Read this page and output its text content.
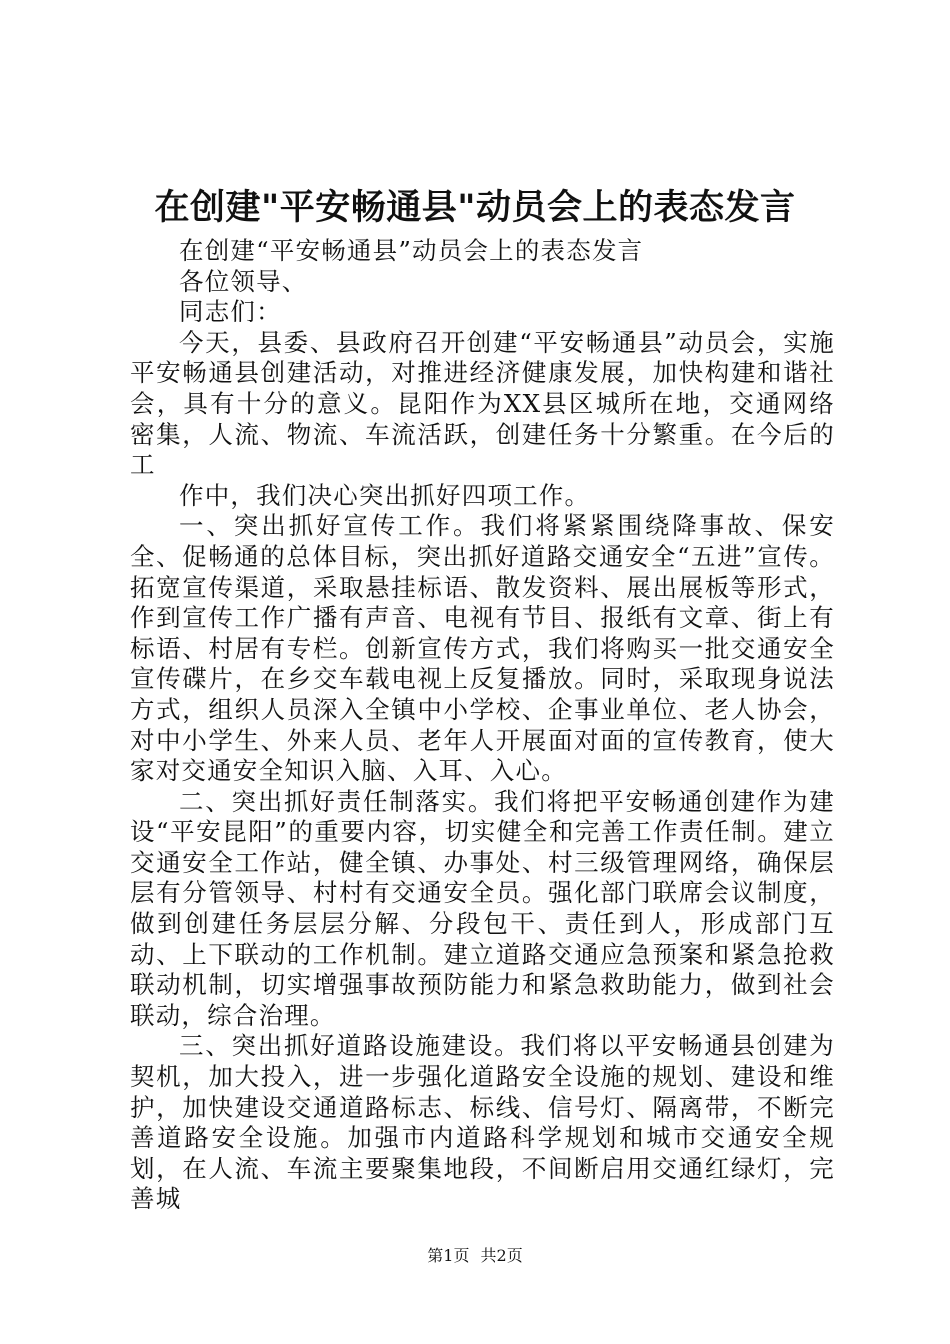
在创建"平安畅通县"动员会上的表态发言

在创建“平安畅通县”动员会上的表态发言

各位领导、

同志们：

今天，县委、县政府召开创建“平安畅通县”动员会，实施平安畅通县创建活动，对推进经济健康发展，加快构建和谐社会，具有十分的意义。昆阳作为XX县区城所在地，交通网络密集，人流、物流、车流活跃，创建任务十分繁重。在今后的工

作中，我们决心突出抓好四项工作。

一、突出抓好宣传工作。我们将紧紧围绕降事故、保安全、促畅通的总体目标，突出抓好道路交通安全“五进”宣传。拓宽宣传渠道，采取悬挂标语、散发资料、展出展板等形式，作到宣传工作广播有声音、电视有节目、报纸有文章、街上有标语、村居有专栏。创新宣传方式，我们将购买一批交通安全宣传碟片，在乡交车载电视上反复播放。同时，采取现身说法方式，组织人员深入全镇中小学校、企事业单位、老人协会，对中小学生、外来人员、老年人开展面对面的宣传教育，使大家对交通安全知识入脑、入耳、入心。

二、突出抓好责任制落实。我们将把平安畅通创建作为建设“平安昆阳”的重要内容，切实健全和完善工作责任制。建立交通安全工作站，健全镇、办事处、村三级管理网络，确保层层有分管领导、村村有交通安全员。强化部门联席会议制度，做到创建任务层层分解、分段包干、责任到人，形成部门互动、上下联动的工作机制。建立道路交通应急预案和紧急抢救联动机制，切实增强事故预防能力和紧急救助能力，做到社会联动，综合治理。

三、突出抓好道路设施建设。我们将以平安畅通县创建为契机，加大投入，进一步强化道路安全设施的规划、建设和维护，加快建设交通道路标志、标线、信号灯、隔离带，不断完善道路安全设施。加强市内道路科学规划和城市交通安全规划，在人流、车流主要聚集地段，不间断启用交通红绿灯，完善城

第1页 共2页
